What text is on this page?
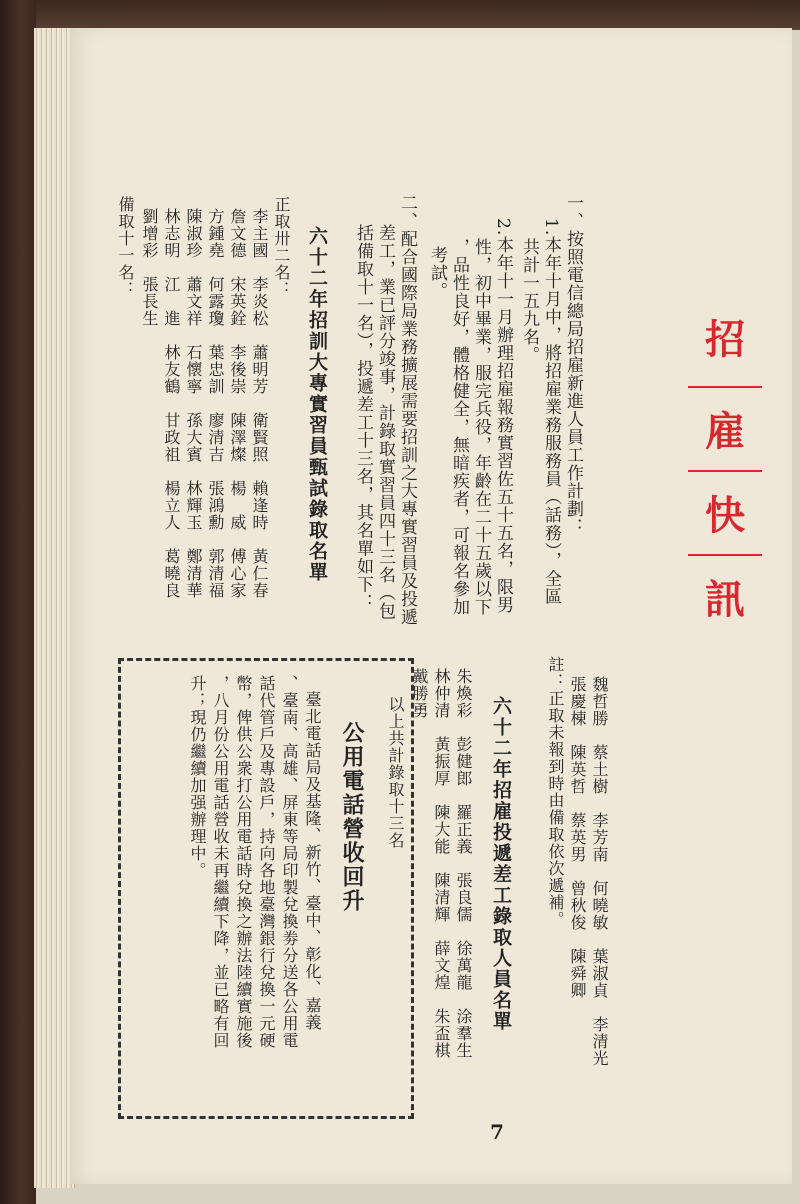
招
雇
快
訊
一、按照電信總局招雇新進人員工作計劃：
1.本年十月中，將招雇業務服務員（話務），全區
共計一五九名。
2.本年十一月辦理招雇報務實習佐五十五名，限男
性，初中畢業，服完兵役，年齡在二十五歲以下
，品性良好，體格健全，無暗疾者，可報名參加
考試。
二、配合國際局業務擴展需要招訓之大專實習員及投遞
差工，業已評分竣事，計錄取實習員四十三名（包
括備取十一名），投遞差工十三名，其名單如下：
六十二年招訓大專實習員甄試錄取名單
正取卅二名：
李主國　李炎松　蕭明芳　衛賢照　賴逢時　黃仁春
詹文德　宋英銓　李後崇　陳澤燦　楊　威　傅心家
方鍾堯　何露瓊　葉忠訓　廖清吉　張鴻勳　郭清福
陳淑珍　蕭文祥　石懷寧　孫大賓　林輝玉　鄭清華
林志明　江　進　林友鶴　甘政祖　楊立人　葛曉良
劉增彩　張長生
備取十一名：
魏哲勝　蔡土樹　李芳南　何曉敏　葉淑貞　李清光
張慶棟　陳英哲　蔡英男　曾秋俊　陳舜卿
註：正取未報到時由備取依次遞補。
六十二年招雇投遞差工錄取人員名單
朱煥彩　彭健郎　羅正義　張良儒　徐萬龍　涂羣生
林仲清　黃振厚　陳大能　陳清輝　薛文煌　朱盃棋
戴勝勇
以上共計錄取十三名
公用電話營收回升
臺北電話局及基隆、新竹、臺中、彰化、嘉義
、臺南、高雄、屏東等局印製兌換劵分送各公用電
話代管戶及專設戶，持向各地臺灣銀行兌換一元硬
幣，俾供公衆打公用電話時兌換之辦法陸續實施後
，八月份公用電話營收未再繼續下降，並已略有回
升；現仍繼續加强辦理中。
7
